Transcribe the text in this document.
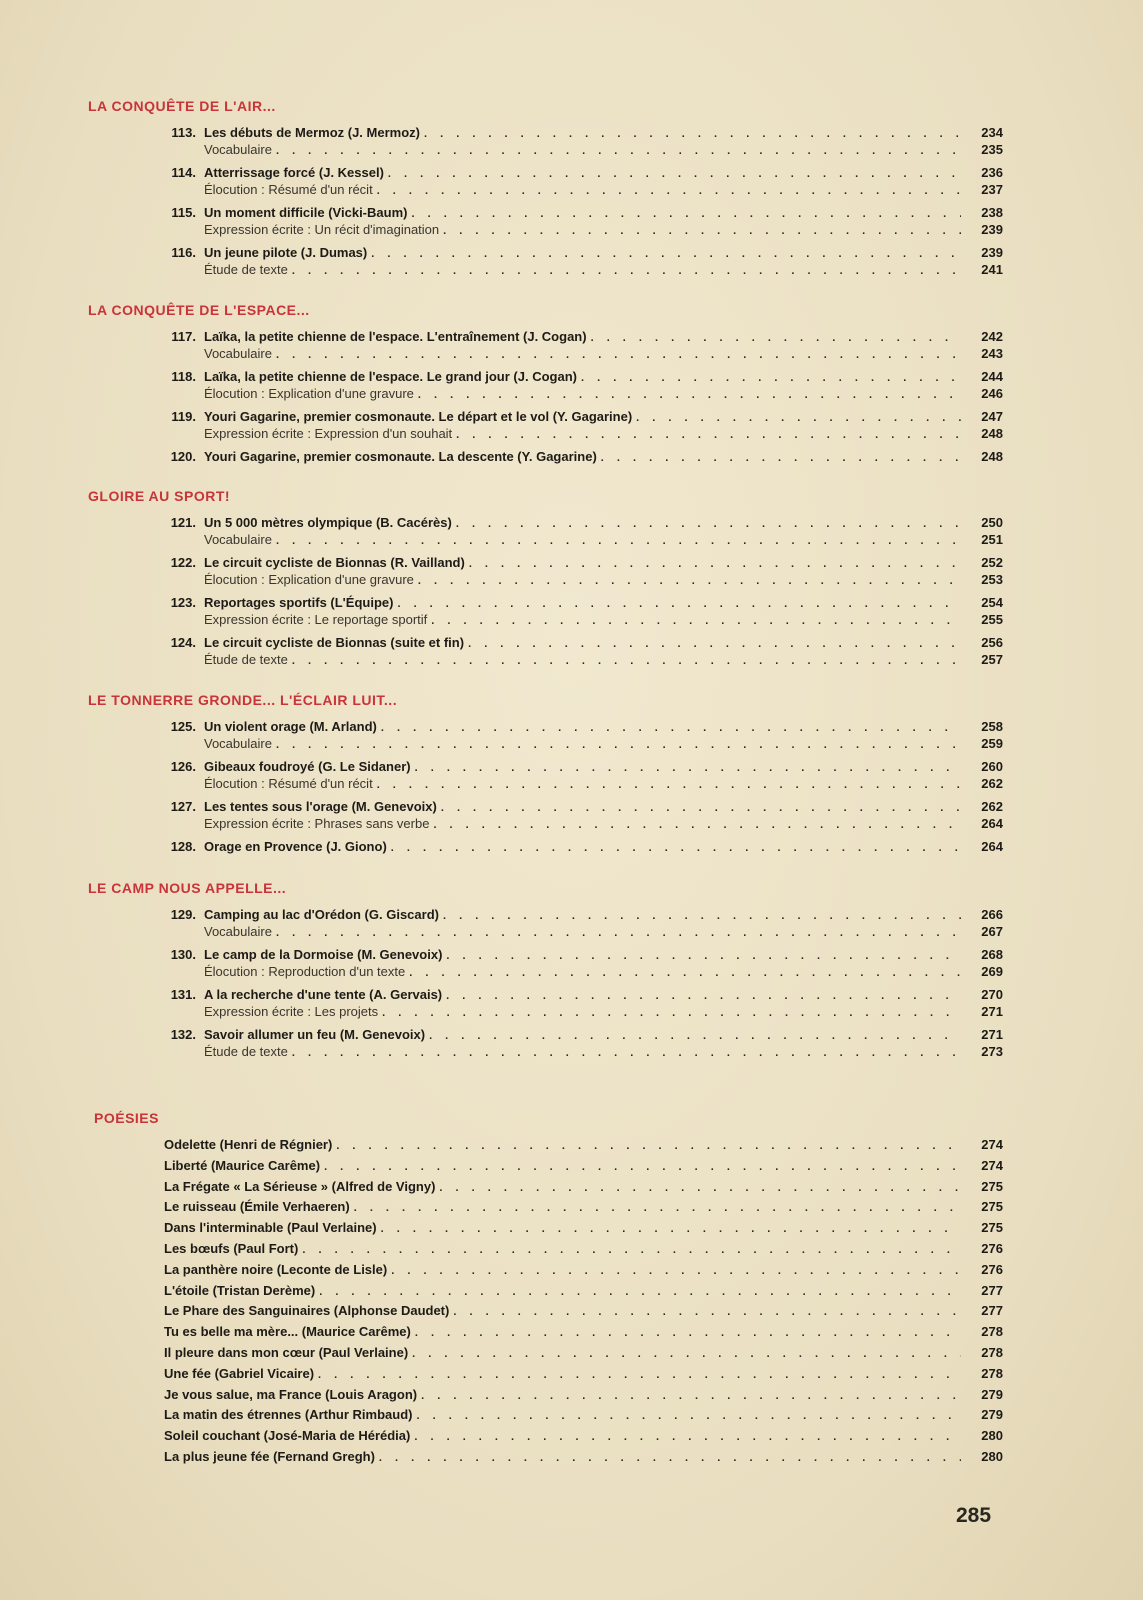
285
LA CONQUÊTE DE L'AIR...
113. Les débuts de Mermoz (J. Mermoz) . . .	234
Vocabulaire . . .	235
114. Atterrissage forcé (J. Kessel) . . .	236
Élocution : Résumé d'un récit . . .	237
115. Un moment difficile (Vicki-Baum) . . .	238
Expression écrite : Un récit d'imagination . . .	239
116. Un jeune pilote (J. Dumas) . . .	239
Étude de texte . . .	241
LA CONQUÊTE DE L'ESPACE...
117. Laïka, la petite chienne de l'espace. L'entraînement (J. Cogan) . . .	242
Vocabulaire . . .	243
118. Laïka, la petite chienne de l'espace. Le grand jour (J. Cogan) . . .	244
Élocution : Explication d'une gravure . . .	246
119. Youri Gagarine, premier cosmonaute. Le départ et le vol (Y. Gagarine) . . .	247
Expression écrite : Expression d'un souhait . . .	248
120. Youri Gagarine, premier cosmonaute. La descente (Y. Gagarine) . . .	248
GLOIRE AU SPORT!
121. Un 5 000 mètres olympique (B. Cacérès) . . .	250
Vocabulaire . . .	251
122. Le circuit cycliste de Bionnas (R. Vailland) . . .	252
Élocution : Explication d'une gravure . . .	253
123. Reportages sportifs (L'Équipe) . . .	254
Expression écrite : Le reportage sportif . . .	255
124. Le circuit cycliste de Bionnas (suite et fin) . . .	256
Étude de texte . . .	257
LE TONNERRE GRONDE... L'ÉCLAIR LUIT...
125. Un violent orage (M. Arland) . . .	258
Vocabulaire . . .	259
126. Gibeaux foudroyé (G. Le Sidaner) . . .	260
Élocution : Résumé d'un récit . . .	262
127. Les tentes sous l'orage (M. Genevoix) . . .	262
Expression écrite : Phrases sans verbe . . .	264
128. Orage en Provence (J. Giono) . . .	264
LE CAMP NOUS APPELLE...
129. Camping au lac d'Orédon (G. Giscard) . . .	266
Vocabulaire . . .	267
130. Le camp de la Dormoise (M. Genevoix) . . .	268
Élocution : Reproduction d'un texte . . .	269
131. A la recherche d'une tente (A. Gervais) . . .	270
Expression écrite : Les projets . . .	271
132. Savoir allumer un feu (M. Genevoix) . . .	271
Étude de texte . . .	273
POÉSIES
Odelette (Henri de Régnier) . . .	274
Liberté (Maurice Carême) . . .	274
La Frégate « La Sérieuse » (Alfred de Vigny) . . .	275
Le ruisseau (Émile Verhaeren) . . .	275
Dans l'interminable (Paul Verlaine) . . .	275
Les bœufs (Paul Fort) . . .	276
La panthère noire (Leconte de Lisle) . . .	276
L'étoile (Tristan Derème) . . .	277
Le Phare des Sanguinaires (Alphonse Daudet) . . .	277
Tu es belle ma mère... (Maurice Carême) . . .	278
Il pleure dans mon cœur (Paul Verlaine) . . .	278
Une fée (Gabriel Vicaire) . . .	278
Je vous salue, ma France (Louis Aragon) . . .	279
La matin des étrennes (Arthur Rimbaud) . . .	279
Soleil couchant (José-Maria de Hérédia) . . .	280
La plus jeune fée (Fernand Gregh) . . .	280
